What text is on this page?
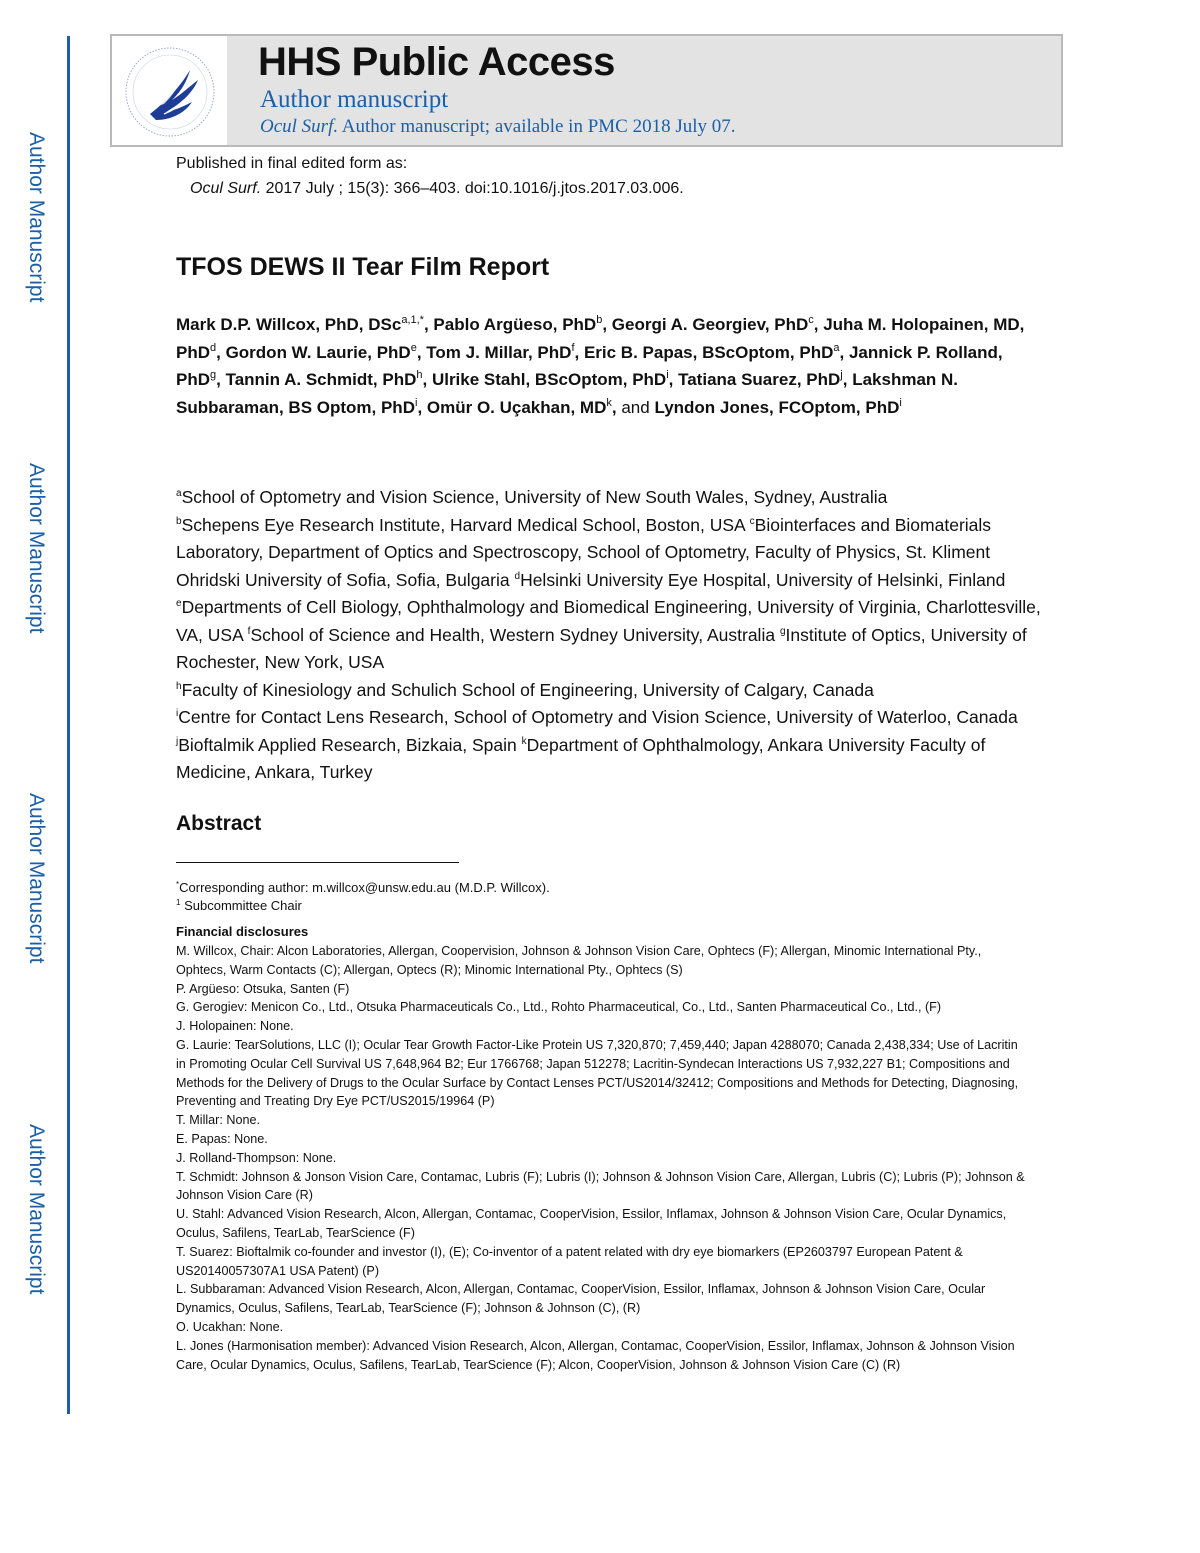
Author Manuscript
Author Manuscript
Author Manuscript
Author Manuscript
HHS Public Access
Author manuscript
Ocul Surf. Author manuscript; available in PMC 2018 July 07.
Published in final edited form as:
Ocul Surf. 2017 July ; 15(3): 366–403. doi:10.1016/j.jtos.2017.03.006.
TFOS DEWS II Tear Film Report
Mark D.P. Willcox, PhD, DSc$^{a,1,*}$, Pablo Argüeso, PhD$^b$, Georgi A. Georgiev, PhD$^c$, Juha M. Holopainen, MD, PhD$^d$, Gordon W. Laurie, PhD$^e$, Tom J. Millar, PhD$^f$, Eric B. Papas, BScOptom, PhD$^a$, Jannick P. Rolland, PhD$^g$, Tannin A. Schmidt, PhD$^h$, Ulrike Stahl, BScOptom, PhD$^i$, Tatiana Suarez, PhD$^j$, Lakshman N. Subbaraman, BS Optom, PhD$^i$, Omür O. Uçakhan, $MD^k$, and Lyndon Jones, FCOptom, PhD$^i$
$^a$School of Optometry and Vision Science, University of New South Wales, Sydney, Australia
$^b$Schepens Eye Research Institute, Harvard Medical School, Boston, USA $^c$Biointerfaces and Biomaterials Laboratory, Department of Optics and Spectroscopy, School of Optometry, Faculty of Physics, St. Kliment Ohridski University of Sofia, Sofia, Bulgaria $^d$Helsinki University Eye Hospital, University of Helsinki, Finland $^e$Departments of Cell Biology, Ophthalmology and Biomedical Engineering, University of Virginia, Charlottesville, VA, USA $^f$School of Science and Health, Western Sydney University, Australia $^g$Institute of Optics, University of Rochester, New York, USA
$^h$Faculty of Kinesiology and Schulich School of Engineering, University of Calgary, Canada
$^i$Centre for Contact Lens Research, School of Optometry and Vision Science, University of Waterloo, Canada $^j$Bioftalmik Applied Research, Bizkaia, Spain $^k$Department of Ophthalmology, Ankara University Faculty of Medicine, Ankara, Turkey
Abstract
*Corresponding author: m.willcox@unsw.edu.au (M.D.P. Willcox).
$^1$ Subcommittee Chair
Financial disclosures

M. Willcox, Chair: Alcon Laboratories, Allergan, Coopervision, Johnson & Johnson Vision Care, Ophtecs (F); Allergan, Minomic International Pty., Ophtecs, Warm Contacts (C); Allergan, Optecs (R); Minomic International Pty., Ophtecs (S)

P. Argüeso: Otsuka, Santen (F)

G. Gerogiev: Menicon Co., Ltd., Otsuka Pharmaceuticals Co., Ltd., Rohto Pharmaceutical, Co., Ltd., Santen Pharmaceutical Co., Ltd., (F)

J. Holopainen: None.

G. Laurie: TearSolutions, LLC (I); Ocular Tear Growth Factor-Like Protein US 7,320,870; 7,459,440; Japan 4288070; Canada 2,438,334; Use of Lacritin in Promoting Ocular Cell Survival US 7,648,964 B2; Eur 1766768; Japan 512278; Lacritin-Syndecan Interactions US 7,932,227 B1; Compositions and Methods for the Delivery of Drugs to the Ocular Surface by Contact Lenses PCT/US2014/32412; Compositions and Methods for Detecting, Diagnosing, Preventing and Treating Dry Eye PCT/US2015/19964 (P)

T. Millar: None.

E. Papas: None.

J. Rolland-Thompson: None.

T. Schmidt: Johnson & Jonson Vision Care, Contamac, Lubris (F); Lubris (I); Johnson & Johnson Vision Care, Allergan, Lubris (C); Lubris (P); Johnson & Johnson Vision Care (R)

U. Stahl: Advanced Vision Research, Alcon, Allergan, Contamac, CooperVision, Essilor, Inflamax, Johnson & Johnson Vision Care, Ocular Dynamics, Oculus, Safilens, TearLab, TearScience (F)

T. Suarez: Bioftalmik co-founder and investor (I), (E); Co-inventor of a patent related with dry eye biomarkers (EP2603797 European Patent & US20140057307A1 USA Patent) (P)

L. Subbaraman: Advanced Vision Research, Alcon, Allergan, Contamac, CooperVision, Essilor, Inflamax, Johnson & Johnson Vision Care, Ocular Dynamics, Oculus, Safilens, TearLab, TearScience (F); Johnson & Johnson (C), (R)

O. Ucakhan: None.

L. Jones (Harmonisation member): Advanced Vision Research, Alcon, Allergan, Contamac, CooperVision, Essilor, Inflamax, Johnson & Johnson Vision Care, Ocular Dynamics, Oculus, Safilens, TearLab, TearScience (F); Alcon, CooperVision, Johnson & Johnson Vision Care (C) (R)
